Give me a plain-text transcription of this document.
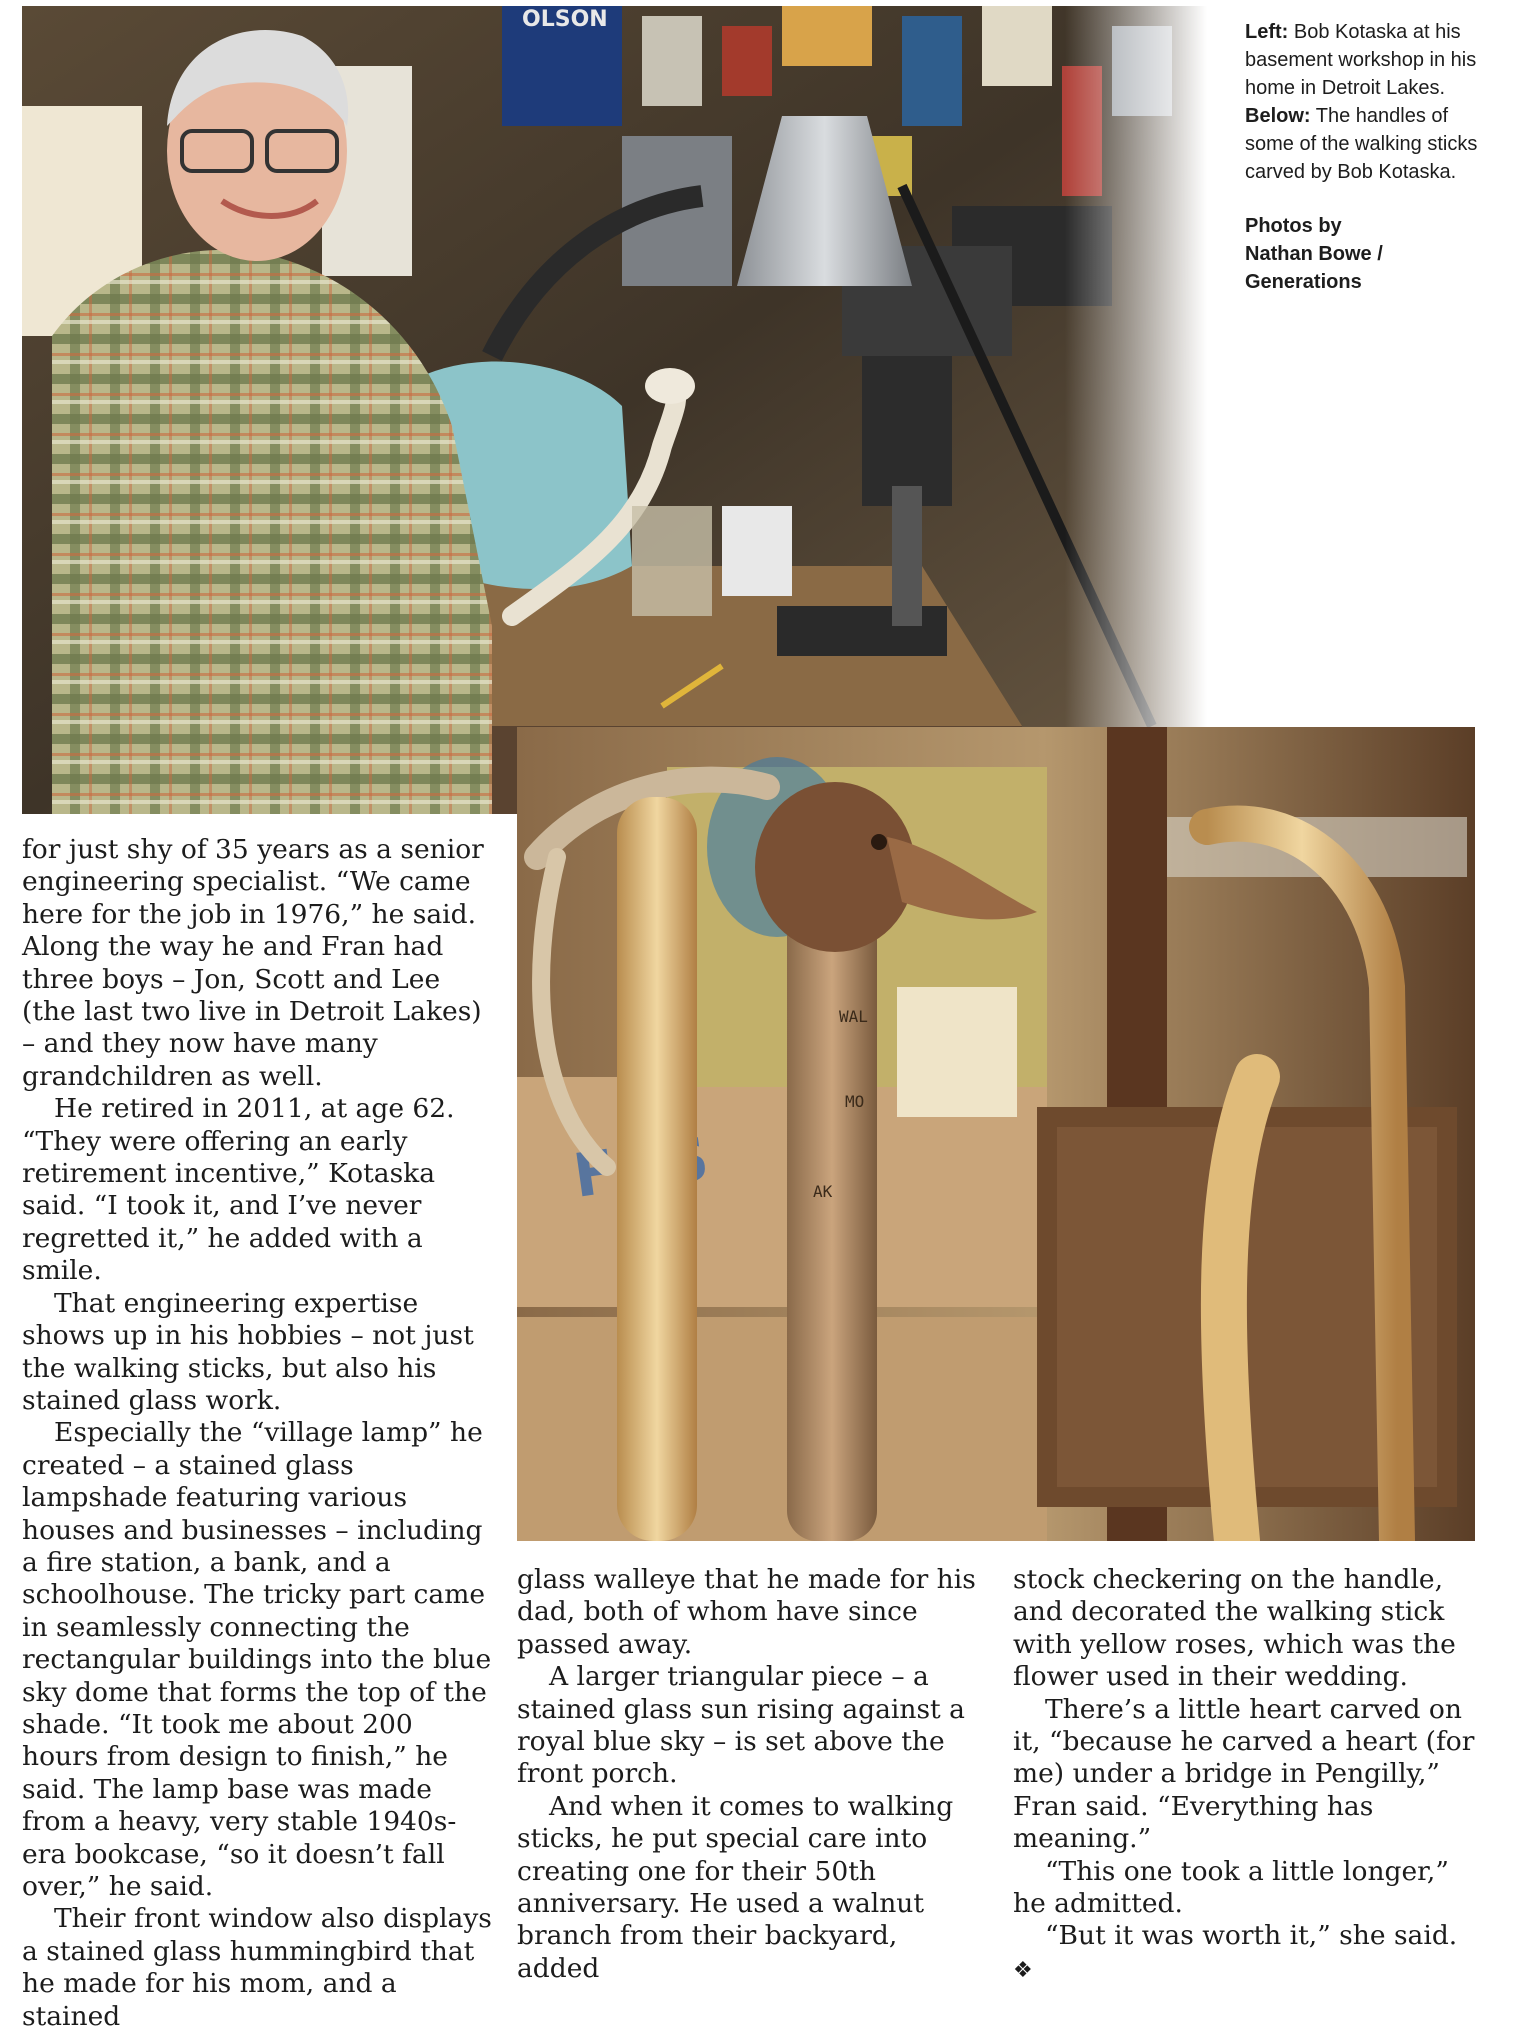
WAL
MO
AK

Left: Bob Kotaska at his basement workshop in his home in Detroit Lakes.

Below: The handles of some of the walking sticks carved by Bob Kotaska.

Photos by
Nathan Bowe /
Generations

for just shy of 35 years as a senior engineering specialist. “We came here for the job in 1976,” he said. Along the way he and Fran had three boys – Jon, Scott and Lee (the last two live in Detroit Lakes) – and they now have many grandchildren as well.

He retired in 2011, at age 62. “They were offering an early retirement incentive,” Kotaska said. “I took it, and I’ve never regretted it,” he added with a smile.

That engineering expertise shows up in his hobbies – not just the walking sticks, but also his stained glass work.

Especially the “village lamp” he created – a stained glass lampshade featuring various houses and businesses – including a fire station, a bank, and a schoolhouse. The tricky part came in seamlessly connecting the rectangular buildings into the blue sky dome that forms the top of the shade. “It took me about 200 hours from design to finish,” he said. The lamp base was made from a heavy, very stable 1940s-era bookcase, “so it doesn’t fall over,” he said.

Their front window also displays a stained glass hummingbird that he made for his mom, and a stained

glass walleye that he made for his dad, both of whom have since passed away.

A larger triangular piece – a stained glass sun rising against a royal blue sky – is set above the front porch.

And when it comes to walking sticks, he put special care into creating one for their 50th anniversary. He used a walnut branch from their backyard, added

stock checkering on the handle, and decorated the walking stick with yellow roses, which was the flower used in their wedding.

There’s a little heart carved on it, “because he carved a heart (for me) under a bridge in Pengilly,” Fran said. “Everything has meaning.”

“This one took a little longer,” he admitted.

“But it was worth it,” she said. ❖
